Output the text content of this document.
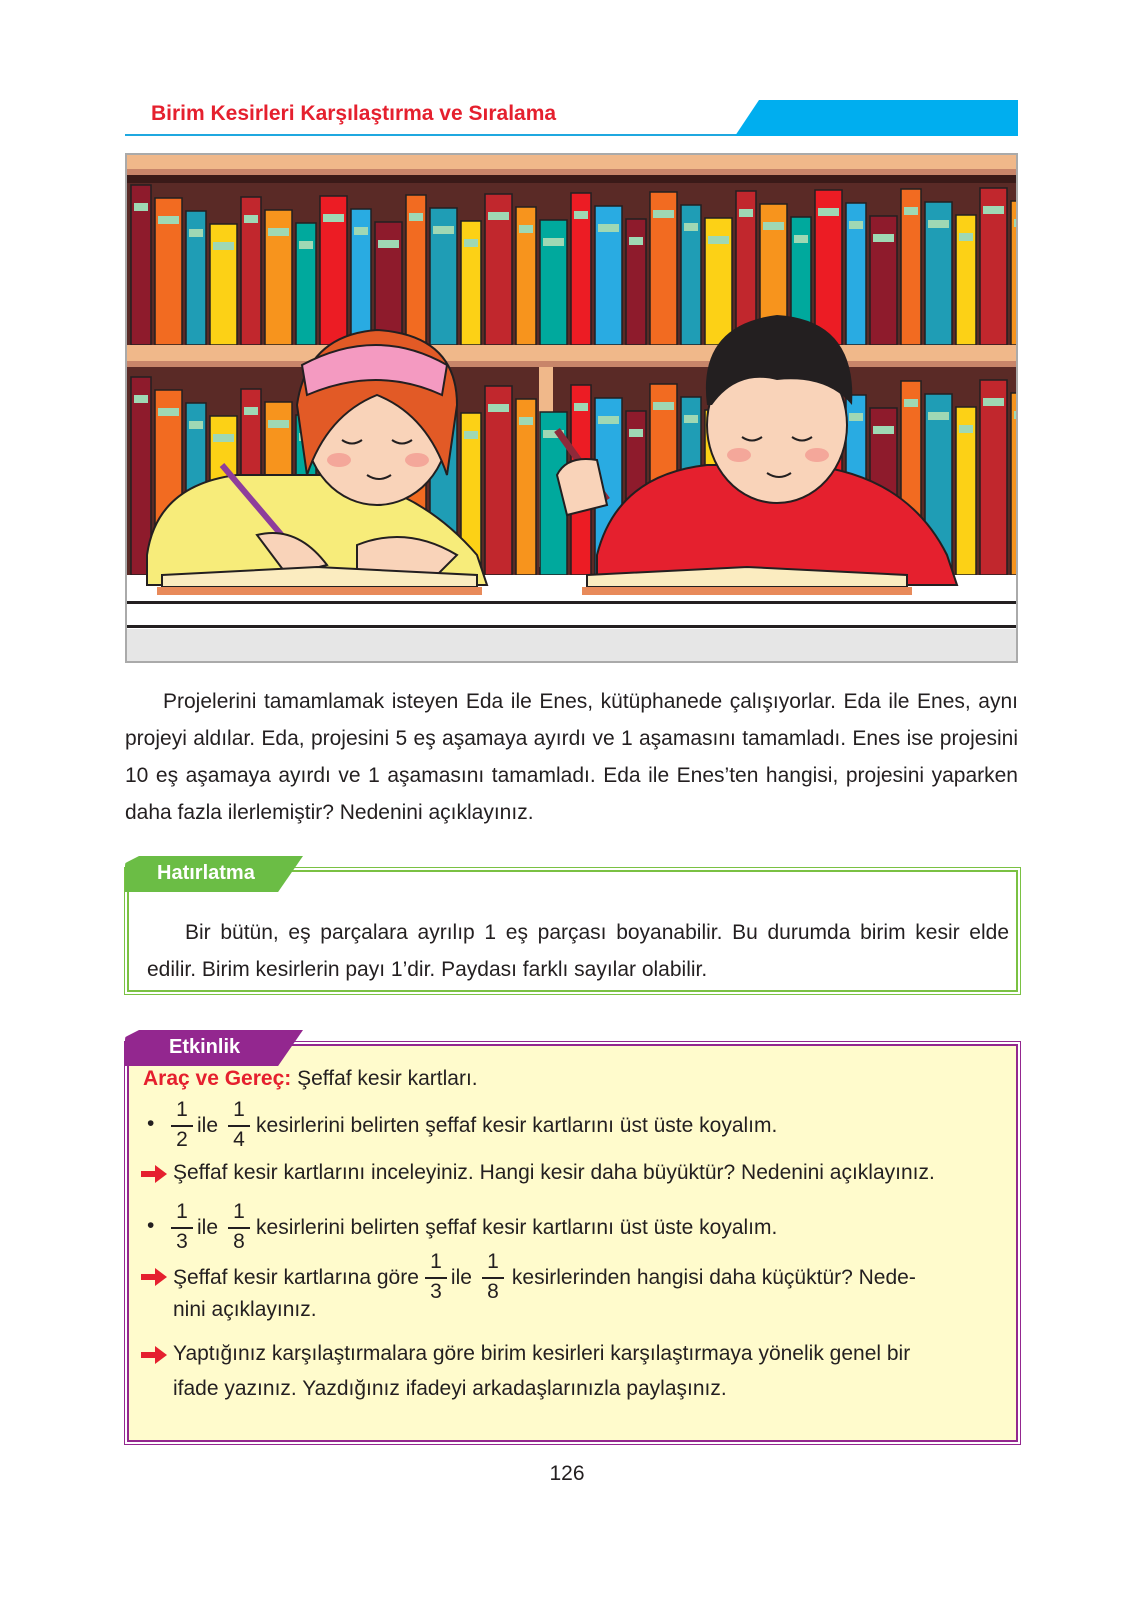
Birim Kesirleri Karşılaştırma ve Sıralama
Projelerini tamamlamak isteyen Eda ile Enes, kütüphanede çalışıyorlar. Eda ile Enes, aynı projeyi aldılar. Eda, projesini 5 eş aşamaya ayırdı ve 1 aşamasını tamamladı. Enes ise projesini 10 eş aşamaya ayırdı ve 1 aşamasını tamamladı. Eda ile Enes’ten hangisi, projesini yaparken daha fazla ilerlemiştir? Nedenini açıklayınız.
Bir bütün, eş parçalara ayrılıp 1 eş parçası boyanabilir. Bu durumda birim kesir elde edilir. Birim kesirlerin payı 1’dir. Paydası farklı sayılar olabilir.
Hatırlatma
Etkinlik
Araç ve Gereç: Şeffaf kesir kartları.
• $\frac{1}{2}$ ile $\frac{1}{4}$ kesirlerini belirten şeffaf kesir kartlarını üst üste koyalım.
Şeffaf kesir kartlarını inceleyiniz. Hangi kesir daha büyüktür? Nedenini açıklayınız.
• $\frac{1}{3}$ ile $\frac{1}{8}$ kesirlerini belirten şeffaf kesir kartlarını üst üste koyalım.
Şeffaf kesir kartlarına göre $\frac{1}{3}$ ile $\frac{1}{8}$ kesirlerinden hangisi daha küçüktür? Nede-
nini açıklayınız.
Yaptığınız karşılaştırmalara göre birim kesirleri karşılaştırmaya yönelik genel bir
ifade yazınız. Yazdığınız ifadeyi arkadaşlarınızla paylaşınız.
126
